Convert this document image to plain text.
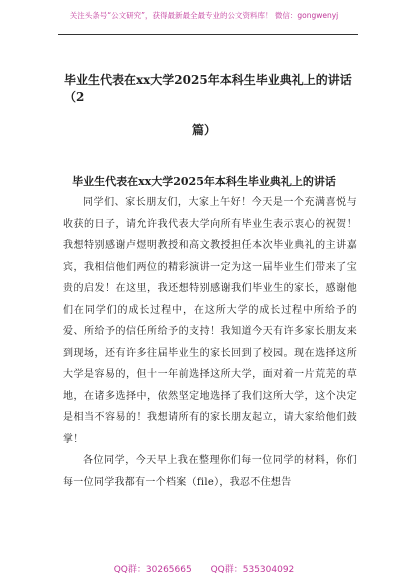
关注头条号“公文研究”，获得最新最全最专业的公文资料库！ 微信：gongwenyj
毕业生代表在xx大学2025年本科生毕业典礼上的讲话（2
篇）
毕业生代表在xx大学2025年本科生毕业典礼上的讲话

同学们、家长朋友们，大家上午好！今天是一个充满喜悦与收获的日子，请允许我代表大学向所有毕业生表示衷心的祝贺！我想特别感谢卢煜明教授和高文教授担任本次毕业典礼的主讲嘉宾，我相信他们两位的精彩演讲一定为这一届毕业生们带来了宝贵的启发！在这里，我还想特别感谢我们毕业生的家长，感谢他们在同学们的成长过程中，在这所大学的成长过程中所给予的爱、所给予的信任所给予的支持！我知道今天有许多家长朋友来到现场，还有许多往届毕业生的家长回到了校园。现在选择这所大学是容易的，但十一年前选择这所大学，面对着一片荒芜的草地，在诸多选择中，依然坚定地选择了我们这所大学，这个决定是相当不容易的！我想请所有的家长朋友起立，请大家给他们鼓掌！

各位同学，今天早上我在整理你们每一位同学的材料，你们每一位同学我都有一个档案（file），我忍不住想告

QQ群：30265665 QQ群：535304092
